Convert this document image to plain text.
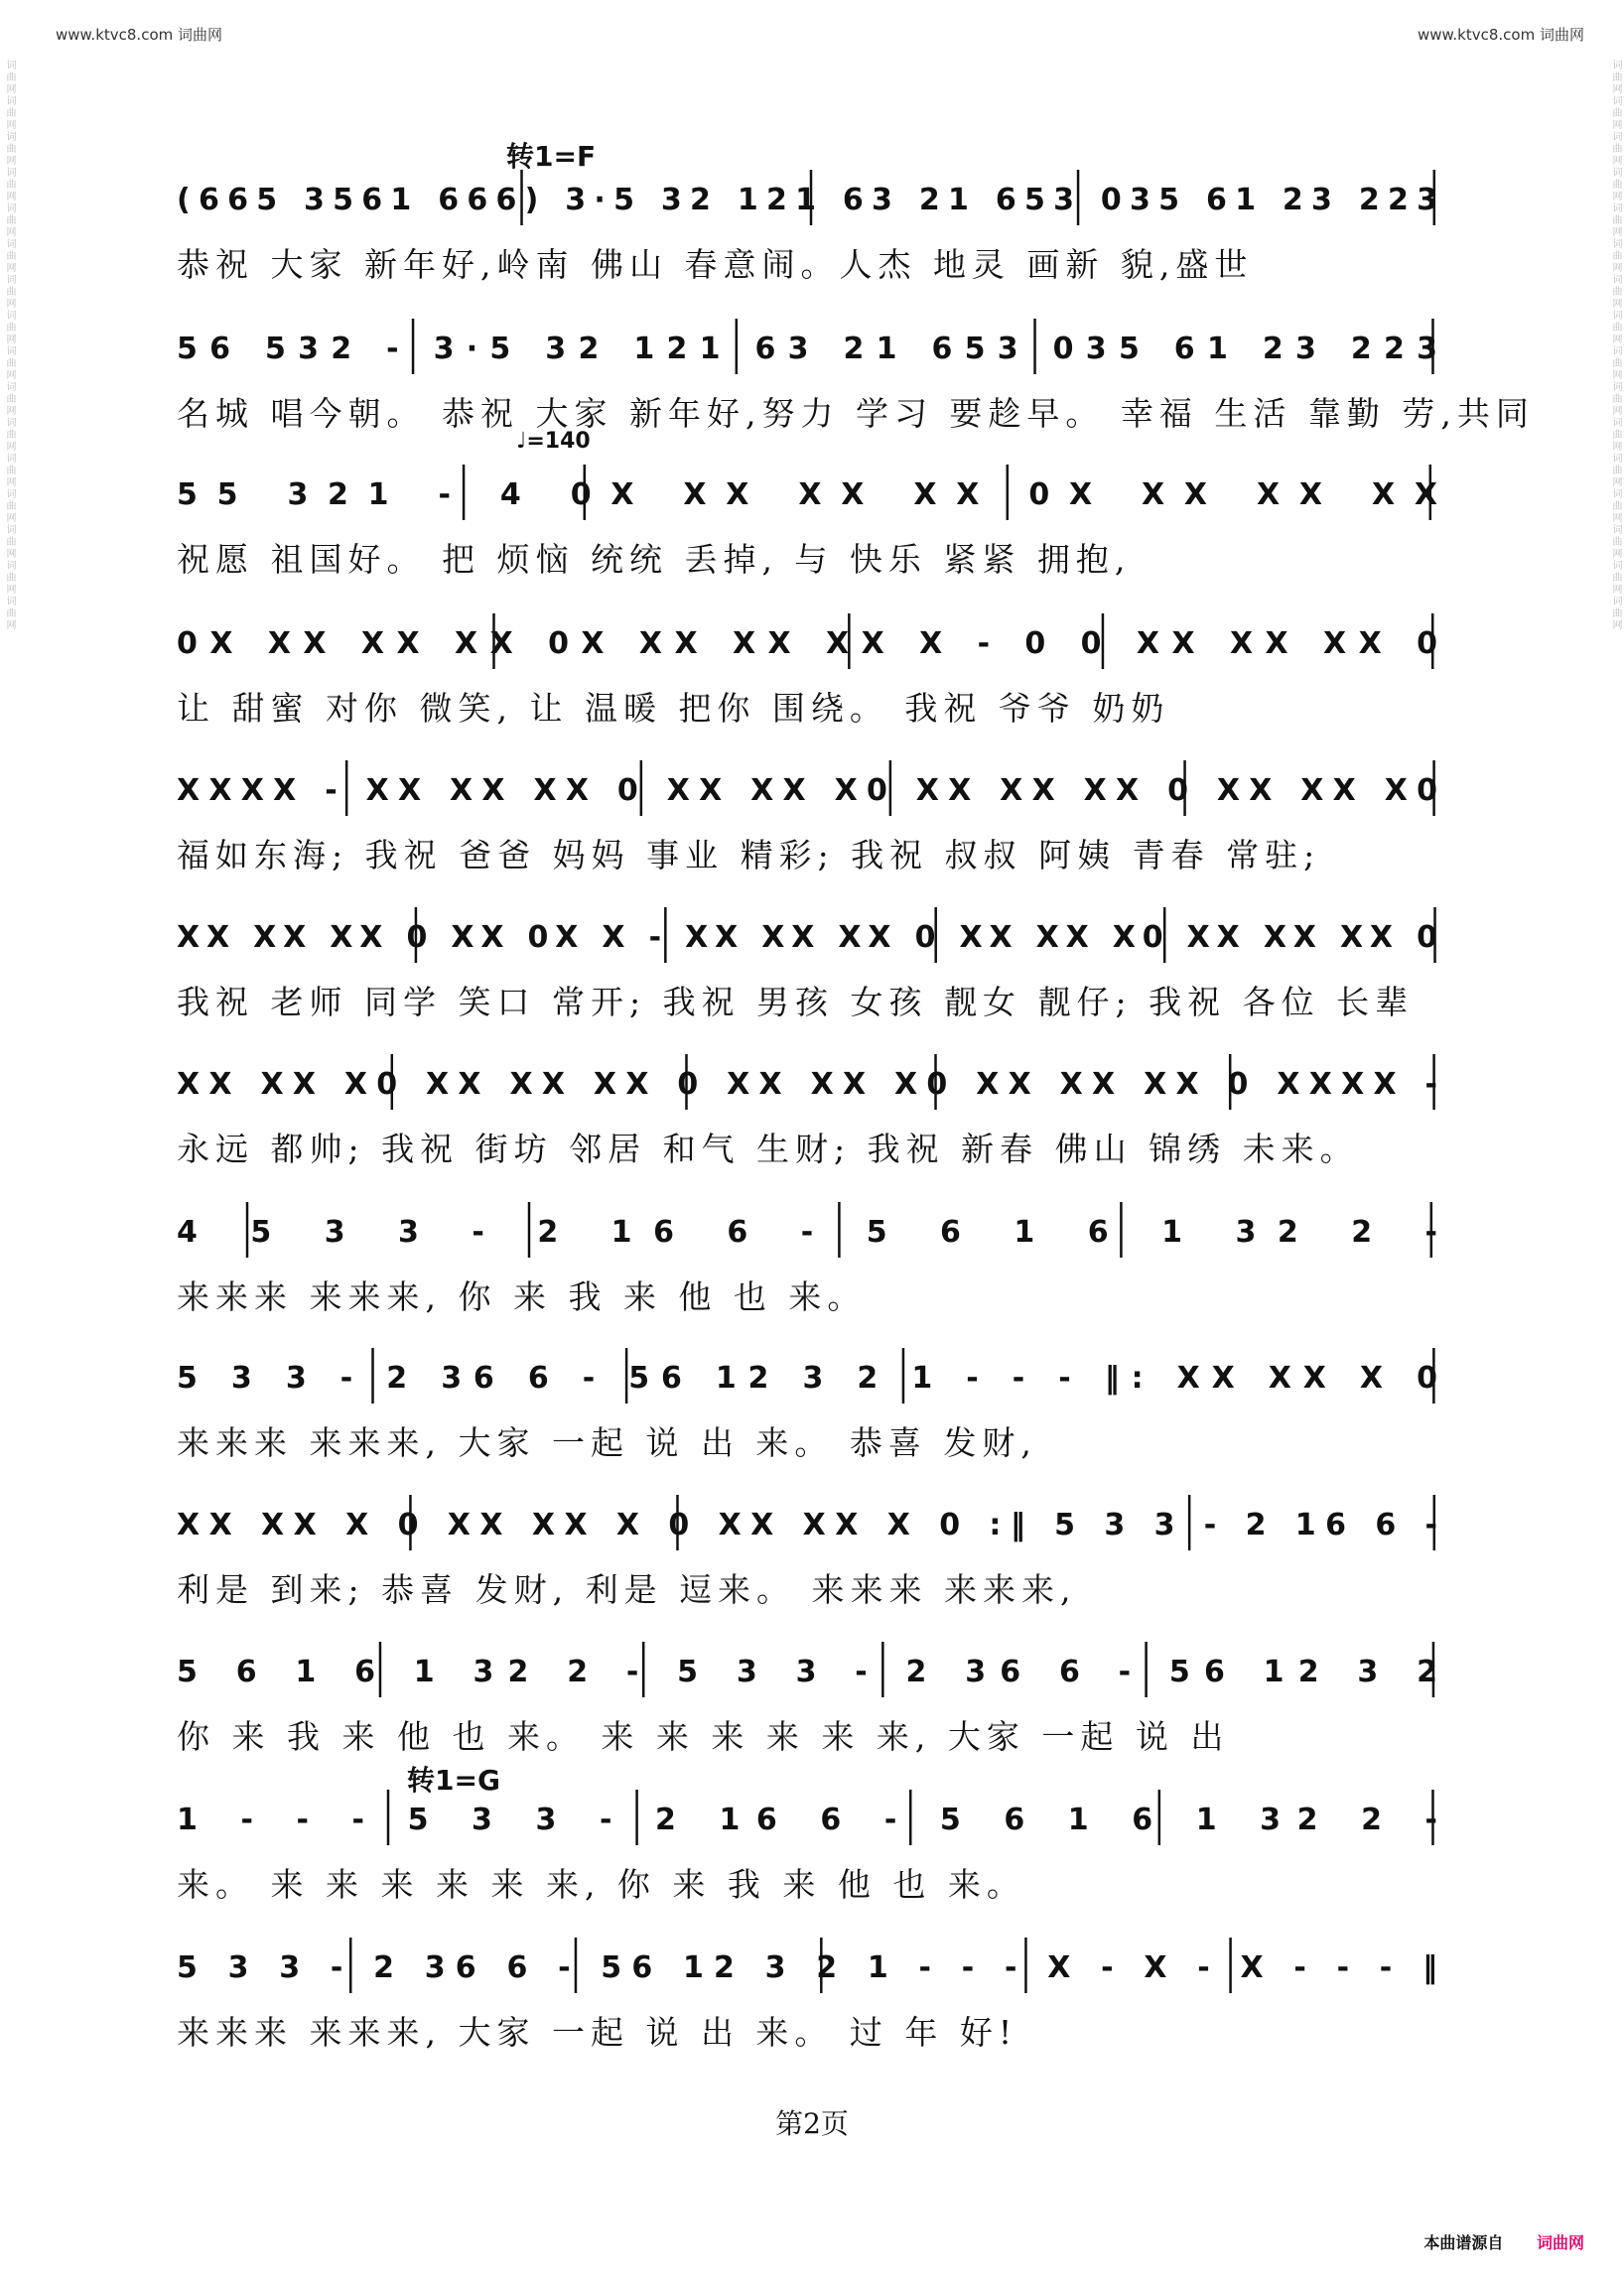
www.ktvc8.com 词曲网	www.ktvc8.com 词曲网
词曲网词曲网词曲网词曲网词曲网词曲网词曲网词曲网词曲网词曲网词曲网词曲网词曲网词曲网词曲网词曲网	词曲网词曲网词曲网词曲网词曲网词曲网词曲网词曲网词曲网词曲网词曲网词曲网词曲网词曲网词曲网词曲网
转1=F
♩=140
转1=G
(665 3561 666) 3·5 32 121 63 21 653 035 61 23 223
恭祝 大家 新年好,岭南 佛山 春意闹。人杰 地灵 画新 貌,盛世
56 532 - 3·5 32 121 63 21 653 035 61 23 223
名城 唱今朝。 恭祝 大家 新年好,努力 学习 要趁早。 幸福 生活 靠勤 劳,共同
55 321 - 4 0X XX XX XX 0X XX XX XX
祝愿 祖国好。 把 烦恼 统统 丢掉, 与 快乐 紧紧 拥抱,
0X XX XX XX 0X XX XX XX X - 0 0 XX XX XX 0
让 甜蜜 对你 微笑, 让 温暖 把你 围绕。 我祝 爷爷 奶奶
XXXX - XX XX XX 0 XX XX X0 XX XX XX 0 XX XX X0
福如东海; 我祝 爸爸 妈妈 事业 精彩; 我祝 叔叔 阿姨 青春 常驻;
XX XX XX 0 XX 0X X - XX XX XX 0 XX XX X0 XX XX XX 0
我祝 老师 同学 笑口 常开; 我祝 男孩 女孩 靓女 靓仔; 我祝 各位 长辈
XX XX X0 XX XX XX 0 XX XX X0 XX XX XX 0 XXXX -
永远 都帅; 我祝 街坊 邻居 和气 生财; 我祝 新春 佛山 锦绣 未来。
4 5 3 3 - 2 16 6 - 5 6 1 6 1 32 2 -
来来来 来来来, 你 来 我 来 他 也 来。
5 3 3 - 2 36 6 - 56 12 3 2 1 - - - ‖: XX XX X 0
来来来 来来来, 大家 一起 说 出 来。 恭喜 发财,
XX XX X 0 XX XX X 0 XX XX X 0 :‖ 5 3 3 - 2 16 6 -
利是 到来; 恭喜 发财, 利是 逗来。 来来来 来来来,
5 6 1 6 1 32 2 - 5 3 3 - 2 36 6 - 56 12 3 2
你 来 我 来 他 也 来。 来 来 来 来 来 来, 大家 一起 说 出
1 - - - 5 3 3 - 2 16 6 - 5 6 1 6 1 32 2 -
来。 来 来 来 来 来 来, 你 来 我 来 他 也 来。
5 3 3 - 2 36 6 - 56 12 3 2 1 - - - X - X - X - - - ‖
来来来 来来来, 大家 一起 说 出 来。 过 年 好!
第2页
本曲谱源自 词曲网
